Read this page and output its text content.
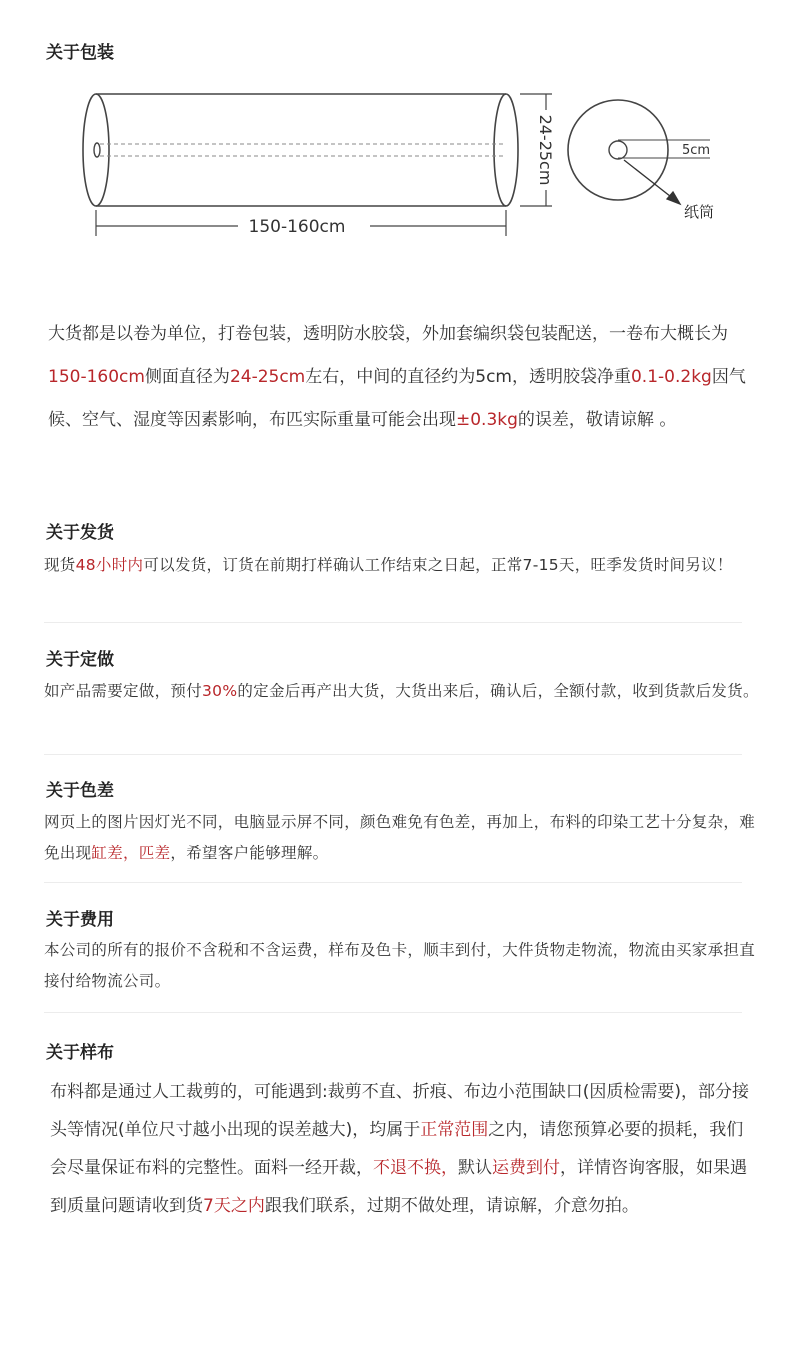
关于包装
150-160cm
24-25cm	5cm
纸筒

大货都是以卷为单位，打卷包装，透明防水胶袋，外加套编织袋包装配送，一卷布大概长为150-160cm侧面直径为24-25cm左右，中间的直径约为5cm，透明胶袋净重0.1-0.2kg因气候、空气、湿度等因素影响，布匹实际重量可能会出现±0.3kg的误差，敬请谅解 。

关于发货

现货48小时内可以发货，订货在前期打样确认工作结束之日起，正常7-15天，旺季发货时间另议！

关于定做

如产品需要定做，预付30%的定金后再产出大货，大货出来后，确认后，全额付款，收到货款后发货。

关于色差

网页上的图片因灯光不同，电脑显示屏不同，颜色难免有色差，再加上，布料的印染工艺十分复杂，难免出现缸差，匹差，希望客户能够理解。

关于费用

本公司的所有的报价不含税和不含运费，样布及色卡，顺丰到付，大件货物走物流，物流由买家承担直接付给物流公司。

关于样布

布料都是通过人工裁剪的，可能遇到:裁剪不直、折痕、布边小范围缺口(因质检需要)，部分接头等情况(单位尺寸越小出现的误差越大)，均属于正常范围之内，请您预算必要的损耗，我们会尽量保证布料的完整性。面料一经开裁，不退不换，默认运费到付，详情咨询客服，如果遇到质量问题请收到货7天之内跟我们联系，过期不做处理，请谅解，介意勿拍。
